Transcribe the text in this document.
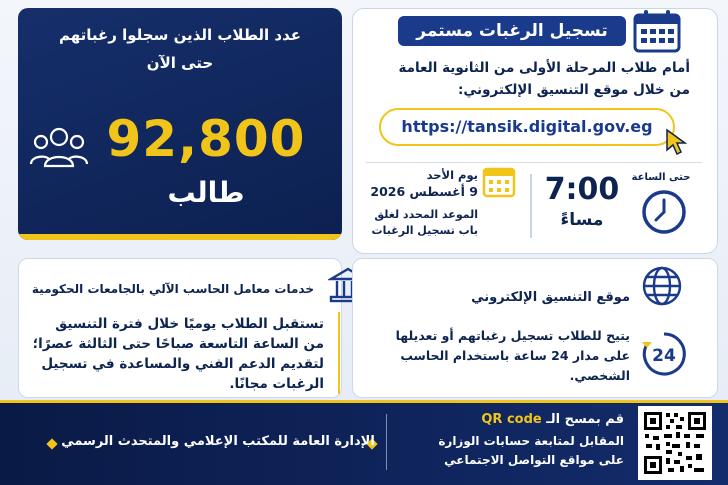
تسجيل الرغبات مستمر
أمام طلاب المرحلة الأولى من الثانوية العامة
من خلال موقع التنسيق الإلكتروني:
https://tansik.digital.gov.eg
حتى الساعة
7:00
مساءً
يوم الأحد
9 أغسطس 2026
الموعد المحدد لغلق
باب تسجيل الرغبات
عدد الطلاب الذين سجلوا رغباتهم
حتى الآن
92,800
طالب
خدمات معامل الحاسب الآلي بالجامعات الحكومية
تستقبل الطلاب يوميًا خلال فترة التنسيق
من الساعة التاسعة صباحًا حتى الثالثة عصرًا؛
لتقديم الدعم الفني والمساعدة في تسجيل
الرغبات مجانًا.
موقع التنسيق الإلكتروني
24
يتيح للطلاب تسجيل رغباتهم أو تعديلها
على مدار 24 ساعة باستخدام الحاسب
الشخصي.
قم بمسح الـ QR code
المقابل لمتابعة حسابات الوزارة
على مواقع التواصل الاجتماعي
الإدارة العامة للمكتب الإعلامي والمتحدث الرسمي
